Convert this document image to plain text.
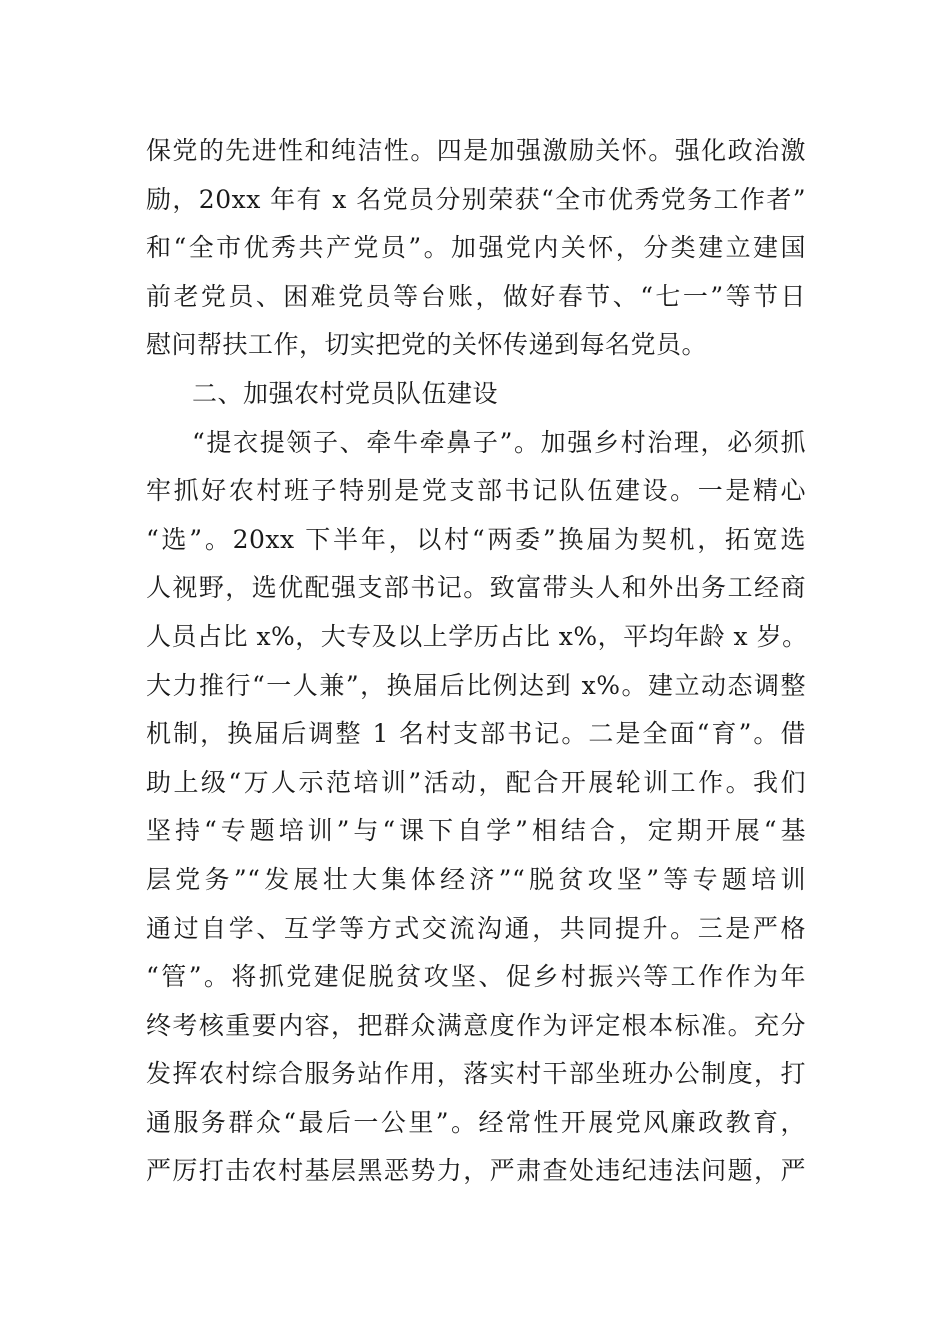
保党的先进性和纯洁性。四是加强激励关怀。强化政治激
励，20xx 年有 x 名党员分别荣获“全市优秀党务工作者”
和“全市优秀共产党员”。加强党内关怀，分类建立建国
前老党员、困难党员等台账，做好春节、“七一”等节日
慰问帮扶工作，切实把党的关怀传递到每名党员。
二、加强农村党员队伍建设
“提衣提领子、牵牛牵鼻子”。加强乡村治理，必须抓
牢抓好农村班子特别是党支部书记队伍建设。一是精心
“选”。20xx 下半年，以村“两委”换届为契机，拓宽选
人视野，选优配强支部书记。致富带头人和外出务工经商
人员占比 x%，大专及以上学历占比 x%，平均年龄 x 岁。
大力推行“一人兼”，换届后比例达到 x%。建立动态调整
机制，换届后调整 1 名村支部书记。二是全面“育”。借
助上级“万人示范培训”活动，配合开展轮训工作。我们
坚持“专题培训”与“课下自学”相结合，定期开展“基
层党务”“发展壮大集体经济”“脱贫攻坚”等专题培训
通过自学、互学等方式交流沟通，共同提升。三是严格
“管”。将抓党建促脱贫攻坚、促乡村振兴等工作作为年
终考核重要内容，把群众满意度作为评定根本标准。充分
发挥农村综合服务站作用，落实村干部坐班办公制度，打
通服务群众“最后一公里”。经常性开展党风廉政教育，
严厉打击农村基层黑恶势力，严肃查处违纪违法问题，严
